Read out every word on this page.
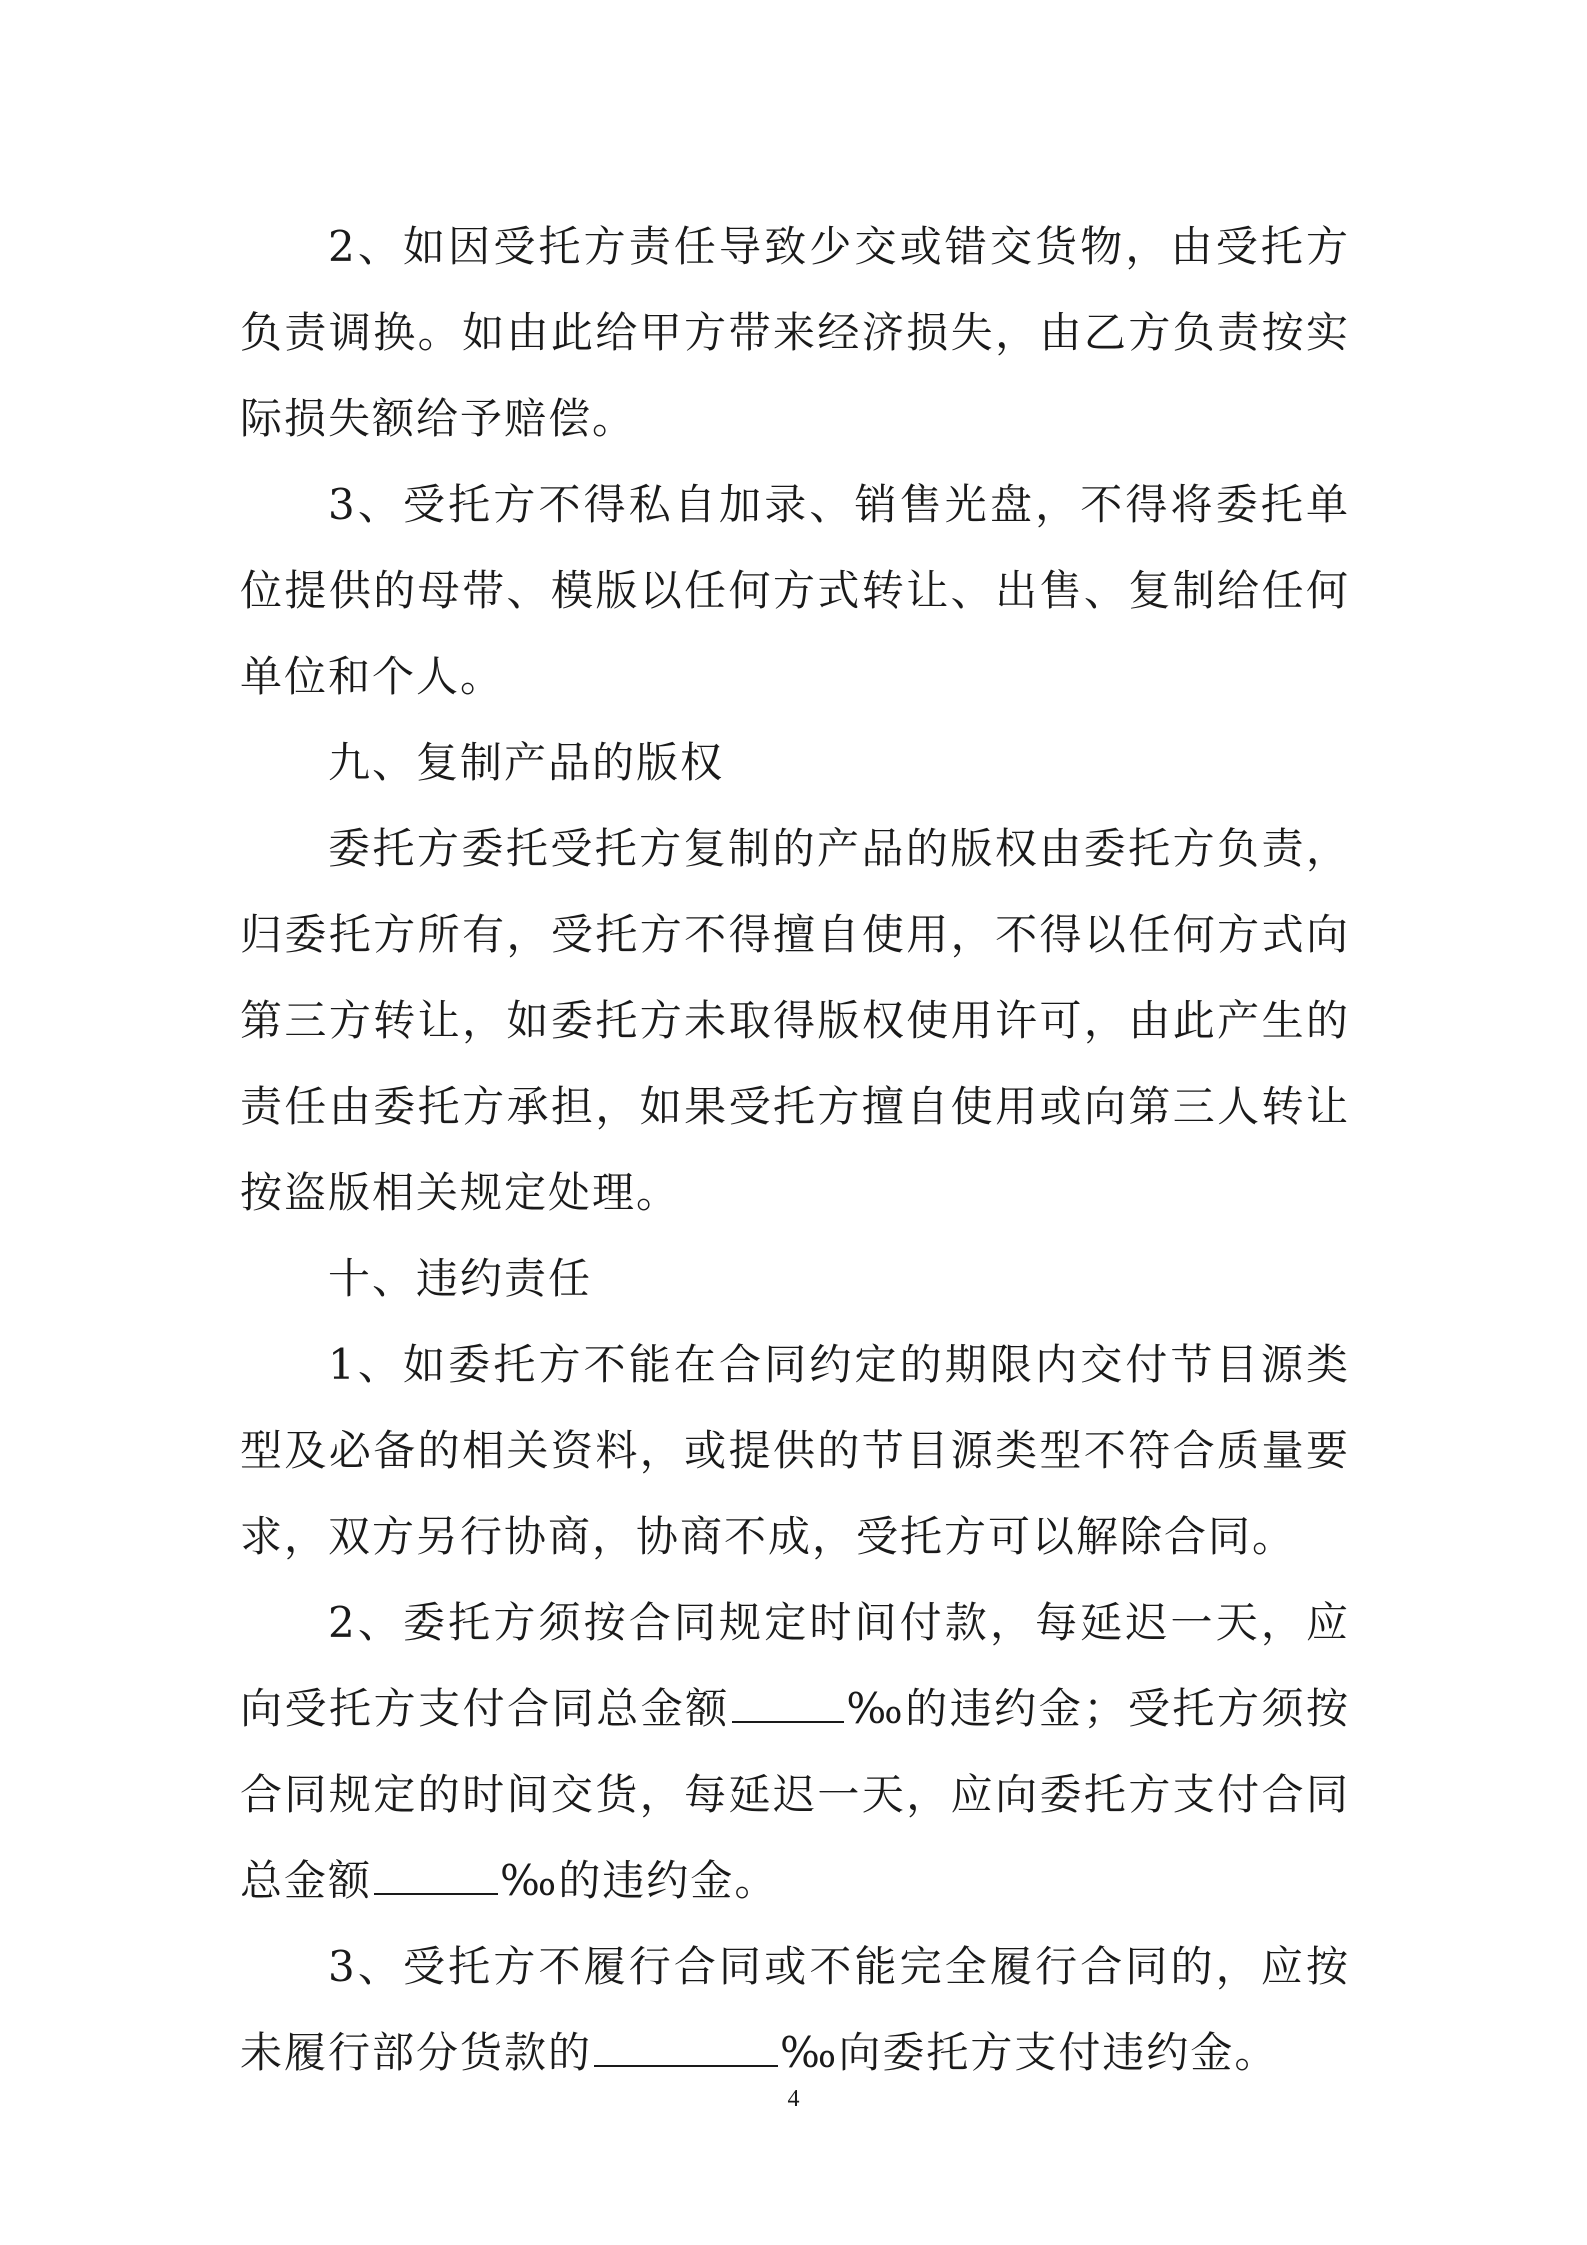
2、如因受托方责任导致少交或错交货物，由受托方负责调换。如由此给甲方带来经济损失，由乙方负责按实际损失额给予赔偿。

3、受托方不得私自加录、销售光盘，不得将委托单位提供的母带、模版以任何方式转让、出售、复制给任何单位和个人。

九、复制产品的版权

委托方委托受托方复制的产品的版权由委托方负责，归委托方所有，受托方不得擅自使用，不得以任何方式向第三方转让，如委托方未取得版权使用许可，由此产生的责任由委托方承担，如果受托方擅自使用或向第三人转让按盗版相关规定处理。

十、违约责任

1、如委托方不能在合同约定的期限内交付节目源类型及必备的相关资料，或提供的节目源类型不符合质量要求，双方另行协商，协商不成，受托方可以解除合同。

2、委托方须按合同规定时间付款，每延迟一天，应向受托方支付合同总金额	‰的违约金；受托方须按合同规定的时间交货，每延迟一天，应向委托方支付合同总金额	‰的违约金。

3、受托方不履行合同或不能完全履行合同的，应按未履行部分货款的	‰向委托方支付违约金。

4
